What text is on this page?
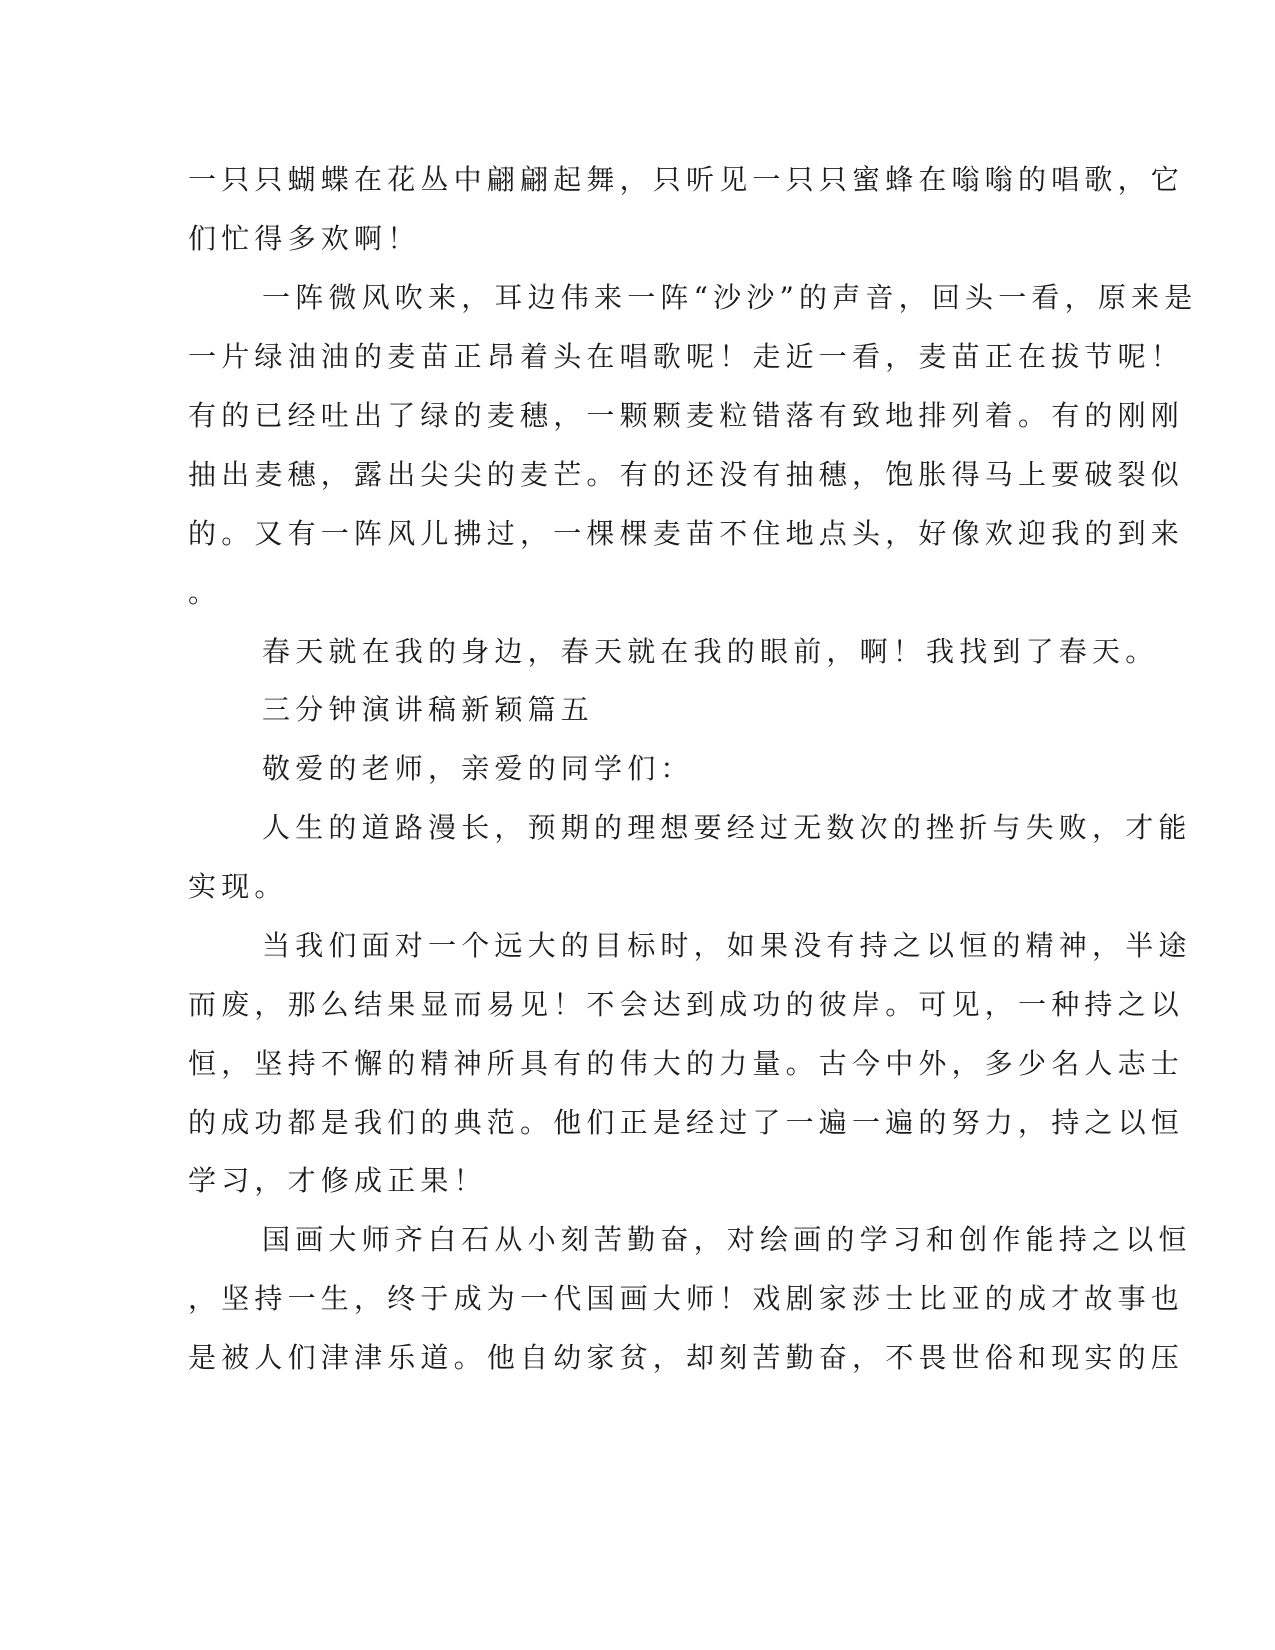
一只只蝴蝶在花丛中翩翩起舞，只听见一只只蜜蜂在嗡嗡的唱歌，它

们忙得多欢啊！

一阵微风吹来，耳边伟来一阵“沙沙”的声音，回头一看，原来是

一片绿油油的麦苗正昂着头在唱歌呢！走近一看，麦苗正在拔节呢！

有的已经吐出了绿的麦穗，一颗颗麦粒错落有致地排列着。有的刚刚

抽出麦穗，露出尖尖的麦芒。有的还没有抽穗，饱胀得马上要破裂似

的。又有一阵风儿拂过，一棵棵麦苗不住地点头，好像欢迎我的到来

。

春天就在我的身边，春天就在我的眼前，啊！我找到了春天。

三分钟演讲稿新颖篇五

敬爱的老师，亲爱的同学们：

人生的道路漫长，预期的理想要经过无数次的挫折与失败，才能

实现。

当我们面对一个远大的目标时，如果没有持之以恒的精神，半途

而废，那么结果显而易见！不会达到成功的彼岸。可见，一种持之以

恒，坚持不懈的精神所具有的伟大的力量。古今中外，多少名人志士

的成功都是我们的典范。他们正是经过了一遍一遍的努力，持之以恒

学习，才修成正果！

国画大师齐白石从小刻苦勤奋，对绘画的学习和创作能持之以恒

，坚持一生，终于成为一代国画大师！戏剧家莎士比亚的成才故事也

是被人们津津乐道。他自幼家贫，却刻苦勤奋，不畏世俗和现实的压
